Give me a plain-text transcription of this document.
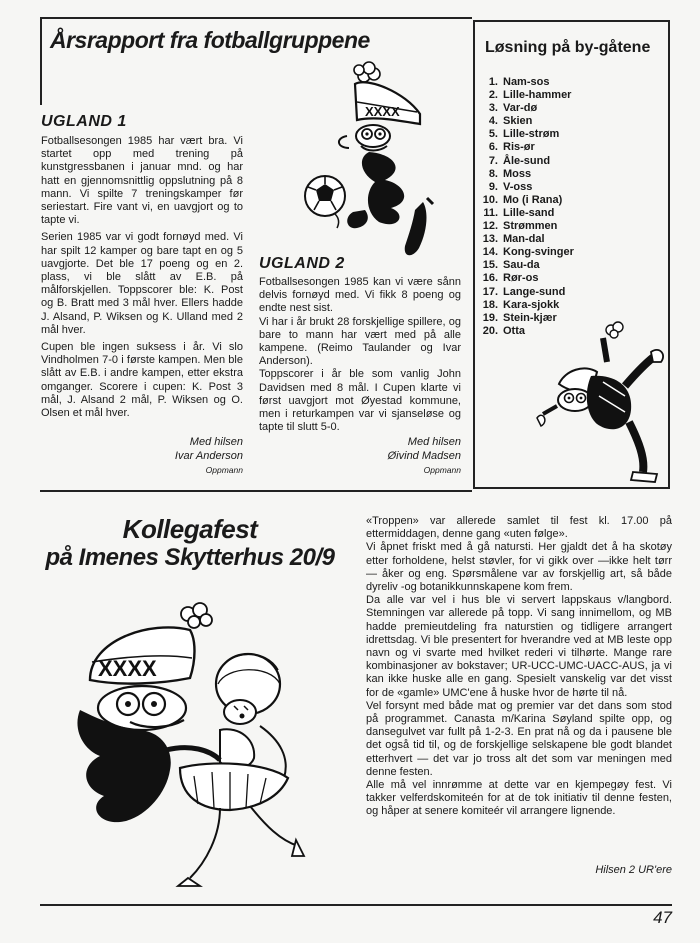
Årsrapport fra fotballgruppene
UGLAND 1

Fotballsesongen 1985 har vært bra. Vi startet opp med trening på kunstgressbanen i januar mnd. og har hatt en gjennomsnittlig oppslutning på 8 mann. Vi spilte 7 treningskamper før seriestart. Fire vant vi, en uavgjort og to tapte vi.

Serien 1985 var vi godt fornøyd med. Vi har spilt 12 kamper og bare tapt en og 5 uavgjorte. Det ble 17 poeng og en 2. plass, vi ble slått av E.B. på målforskjellen. Toppscorer ble: K. Post og B. Bratt med 3 mål hver. Ellers hadde J. Alsand, P. Wiksen og K. Ulland med 2 mål hver.

Cupen ble ingen suksess i år. Vi slo Vindholmen 7-0 i første kampen. Men ble slått av E.B. i andre kampen, etter ekstra omganger. Scorere i cupen: K. Post 3 mål, J. Alsand 2 mål, P. Wiksen og O. Olsen et mål hver.

Med hilsen
Ivar Anderson
Oppmann
XXXX
UGLAND 2

Fotballsesongen 1985 kan vi være sånn delvis fornøyd med. Vi fikk 8 poeng og endte nest sist.

Vi har i år brukt 28 forskjellige spillere, og bare to mann har vært med på alle kampene. (Reimo Taulander og Ivar Anderson).

Toppscorer i år ble som vanlig John Davidsen med 8 mål. I Cupen klarte vi først uavgjort mot Øyestad kommune, men i returkampen var vi sjanseløse og tapte til slutt 5-0.

Med hilsen
Øivind Madsen
Oppmann
Løsning på by-gåtene
1. Nam-sos
2. Lille-hammer
3. Var-dø
4. Skien
5. Lille-strøm
6. Ris-ør
7. Åle-sund
8. Moss
9. V-oss
10. Mo (i Rana)
11. Lille-sand
12. Strømmen
13. Man-dal
14. Kong-svinger
15. Sau-da
16. Rør-os
17. Lange-sund
18. Kara-sjokk
19. Stein-kjær
20. Otta
Kollegafest
på Imenes Skytterhus 20/9
XXXX

«Troppen» var allerede samlet til fest kl. 17.00 på ettermiddagen, denne gang «uten følge».

Vi åpnet friskt med å gå natursti. Her gjaldt det å ha skotøy etter forholdene, helst støvler, for vi gikk over —ikke helt tørr — åker og eng. Spørsmålene var av forskjellig art, så både dyreliv -og botanikkunnskapene kom frem.

Da alle var vel i hus ble vi servert lappskaus v/langbord. Stemningen var allerede på topp. Vi sang innimellom, og MB hadde premieutdeling fra naturstien og tidligere arrangert idrettsdag. Vi ble presentert for hverandre ved at MB leste opp navn og vi svarte med hvilket rederi vi tilhørte. Mange rare kombinasjoner av bokstaver; UR-UCC-UMC-UACC-AUS, ja vi kan ikke huske alle en gang. Spesielt vanskelig var det visst for de «gamle» UMC'ene å huske hvor de hørte til nå.

Vel forsynt med både mat og premier var det dans som stod på programmet. Canasta m/Karina Søyland spilte opp, og dansegulvet var fullt på 1-2-3. En prat nå og da i pausene ble det også tid til, og de forskjellige selskapene ble godt blandet etterhvert — det var jo tross alt det som var meningen med denne festen.

Alle må vel innrømme at dette var en kjempegøy fest. Vi takker velferdskomiteén for at de tok initiativ til denne festen, og håper at senere komiteér vil arrangere lignende.

Hilsen 2 UR'ere
47
